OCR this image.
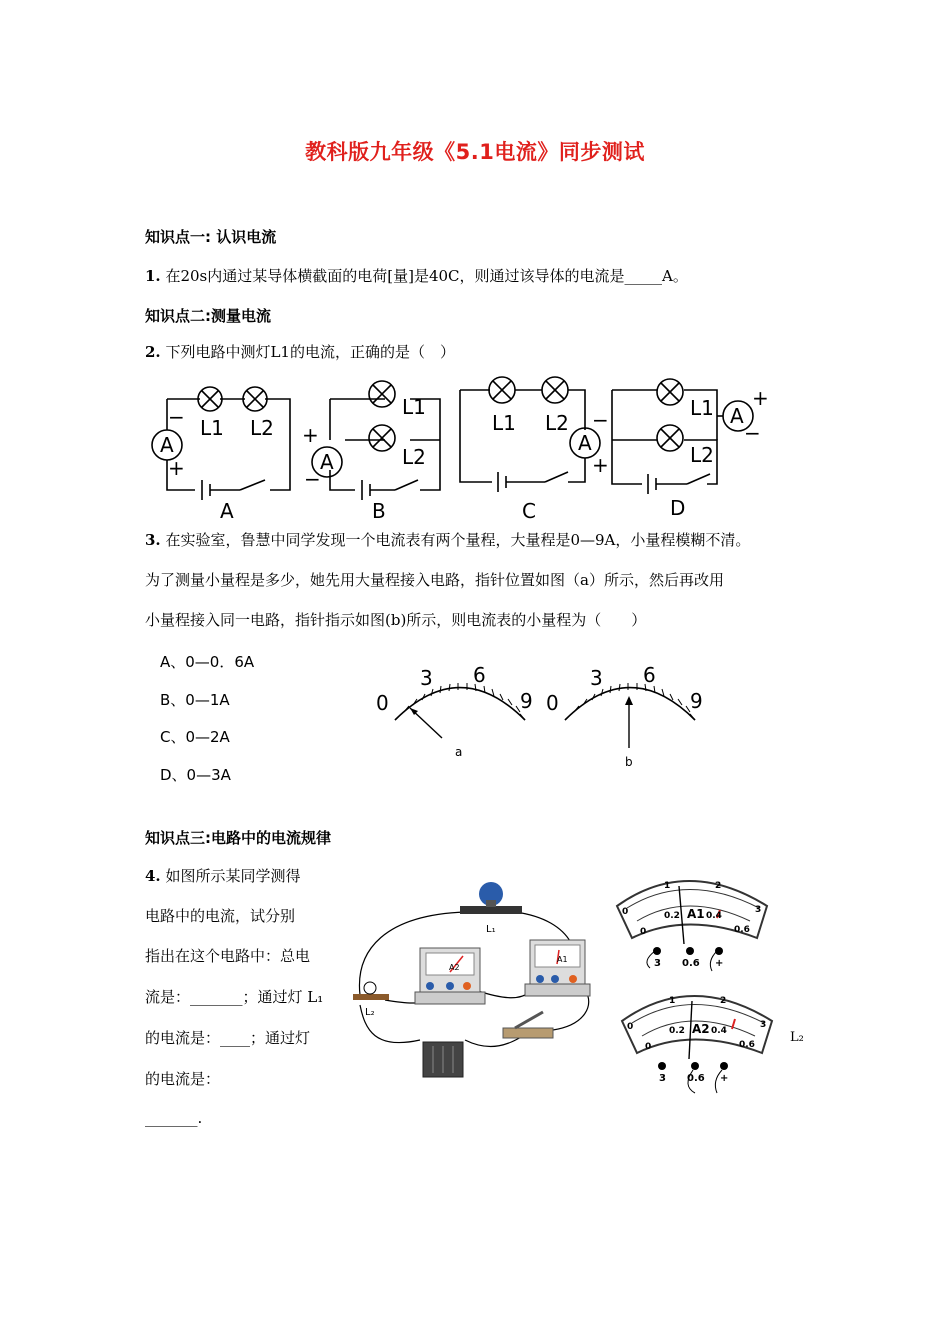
教科版九年级《5.1电流》同步测试
知识点一: 认识电流
1. 在20s内通过某导体横截面的电荷[量]是40C，则通过该导体的电流是_____A。
知识点二:测量电流
2. 下列电路中测灯L1的电流，正确的是（　）
A
−
+
L1 L2
A
A
+
−
L1
L2
B
A
−
+
L1 L2
C
A
+
−
L1
L2
D
3. 在实验室，鲁慧中同学发现一个电流表有两个量程，大量程是0—9A，小量程模糊不清。
为了测量小量程是多少，她先用大量程接入电路，指针位置如图（a）所示，然后再改用
小量程接入同一电路，指针指示如图(b)所示，则电流表的小量程为（　　）
A、0—0．6A
B、0—1A
C、0—2A
D、0—3A
0
3 6
9
a
0
3 6
9
b
知识点三:电路中的电流规律
4. 如图所示某同学测得
电路中的电流，试分别
指出在这个电路中：总电
流是：_______；通过灯 L₁
的电流是：____；通过灯
的电流是：
_______.
L₁
L₂
A2
A1
0
1	2
3
0
0.2	0.4
0.6
A1
3 0.6 +
0
1	2
3
0
0.2	0.4
0.6
A2
3 0.6 +
L₂
